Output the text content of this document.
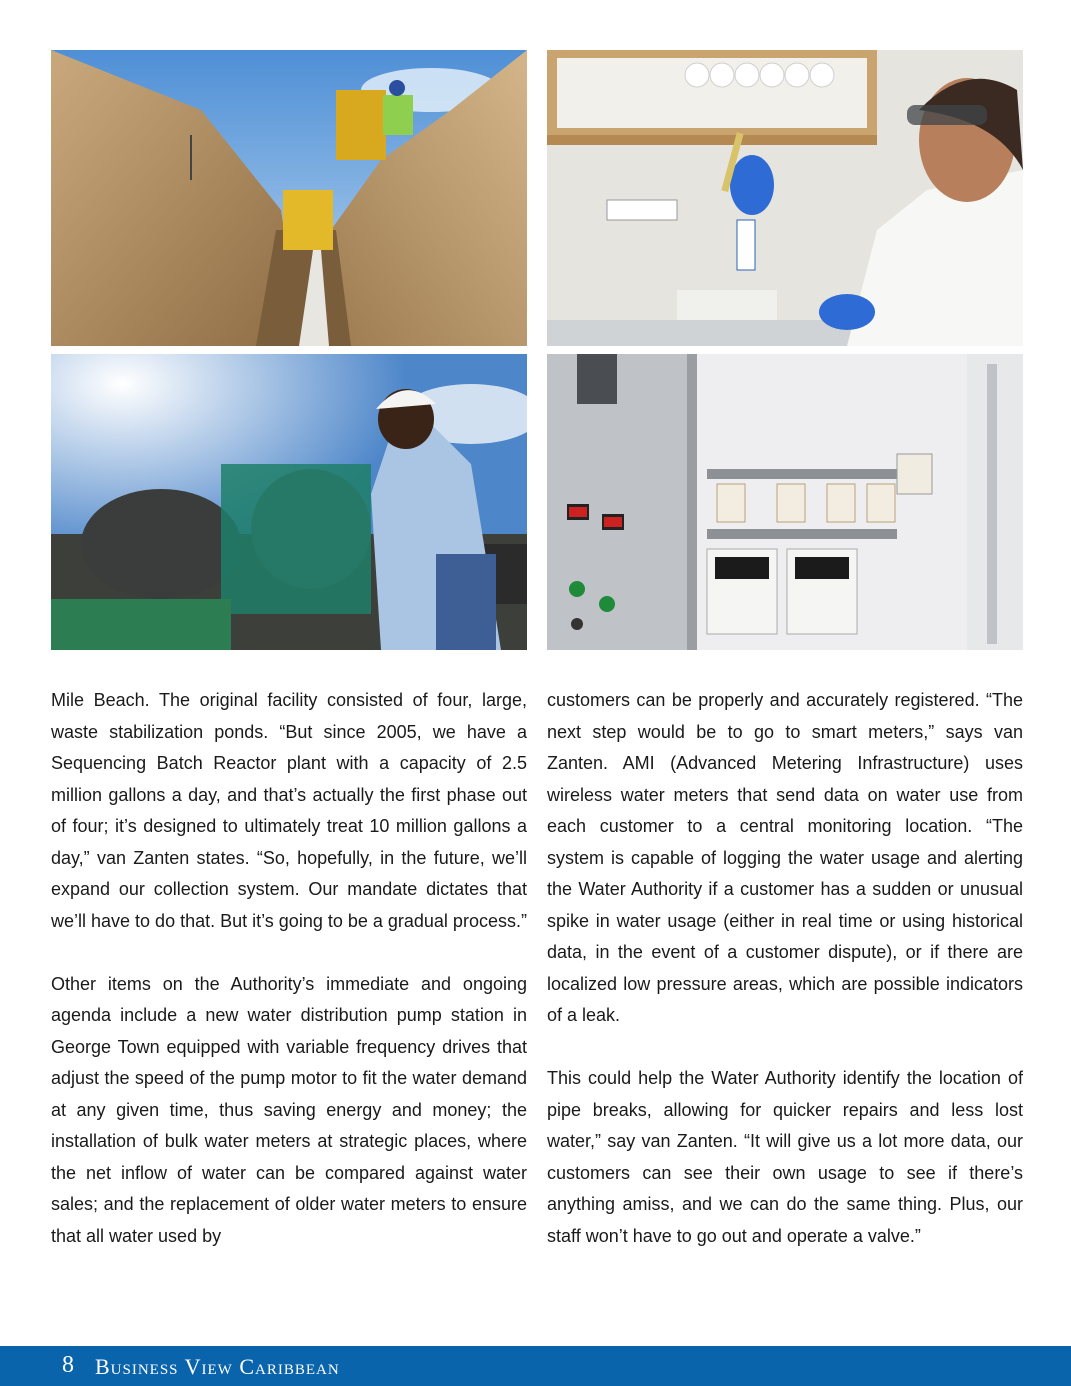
Mile Beach. The original facility consisted of four, large, waste stabilization ponds. “But since 2005, we have a Sequencing Batch Reactor plant with a capacity of 2.5 million gallons a day, and that’s actually the first phase out of four; it’s designed to ultimately treat 10 million gallons a day,” van Zanten states. “So, hopefully, in the future, we’ll expand our collection system. Our mandate dictates that we’ll have to do that. But it’s going to be a gradual process.”

Other items on the Authority’s immediate and ongoing agenda include a new water distribution pump station in George Town equipped with variable frequency drives that adjust the speed of the pump motor to fit the water demand at any given time, thus saving energy and money; the installation of bulk water meters at strategic places, where the net inflow of water can be compared against water sales; and the replacement of older water meters to ensure that all water used by

customers can be properly and accurately registered. “The next step would be to go to smart meters,” says van Zanten. AMI (Advanced Metering Infrastructure) uses wireless water meters that send data on water use from each customer to a central monitoring location. “The system is capable of logging the water usage and alerting the Water Authority if a customer has a sudden or unusual spike in water usage (either in real time or using historical data, in the event of a customer dispute), or if there are localized low pressure areas, which are possible indicators of a leak.

This could help the Water Authority identify the location of pipe breaks, allowing for quicker repairs and less lost water,” say van Zanten. “It will give us a lot more data, our customers can see their own usage to see if there’s anything amiss, and we can do the same thing. Plus, our staff won’t have to go out and operate a valve.”

8 Business View Caribbean
